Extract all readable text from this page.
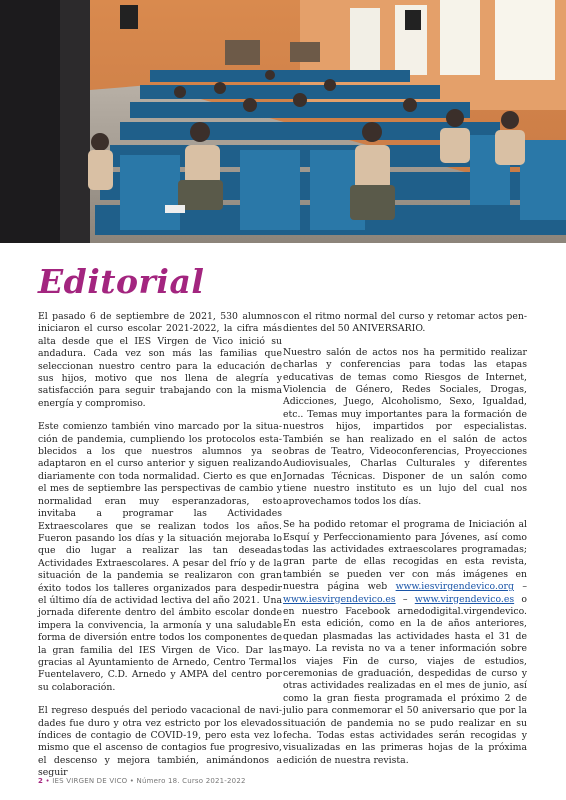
Editorial

El pasado 6 de septiembre de 2021, 530 alumnos iniciaron el curso escolar 2021-2022, la cifra más alta desde que el IES Virgen de Vico inició su andadura. Cada vez son más las familias que seleccionan nuestro centro para la educación de sus hijos, motivo que nos llena de alegría y satisfacción para seguir trabajando con la misma energía y compromiso.

Este comienzo también vino marcado por la situación de pandemia, cumpliendo los protocolos establecidos a los que nuestros alumnos ya se adaptaron en el curso anterior y siguen realizando diariamente con toda normalidad. Cierto es que en el mes de septiembre las perspectivas de cambio y normalidad eran muy esperanzadoras, esto invitaba a programar las Actividades Extraescolares que se realizan todos los años. Fueron pasando los días y la situación mejoraba lo que dio lugar a realizar las tan deseadas Actividades Extraescolares. A pesar del frío y de la situación de la pandemia se realizaron con gran éxito todos los talleres organizados para despedir el último día de actividad lectiva del año 2021. Una jornada diferente dentro del ámbito escolar donde impera la convivencia, la armonía y una saludable forma de diversión entre todos los componentes de la gran familia del IES Virgen de Vico. Dar las gracias al Ayuntamiento de Arnedo, Centro Termal Fuentelavero, C.D. Arnedo y AMPA del centro por su colaboración.

El regreso después del periodo vacacional de navidades fue duro y otra vez estricto por los elevados índices de contagio de COVID-19, pero esta vez lo mismo que el ascenso de contagios fue progresivo, el descenso y mejora también, animándonos a seguir

con el ritmo normal del curso y retomar actos pendientes del 50 ANIVERSARIO.

Nuestro salón de actos nos ha permitido realizar charlas y conferencias para todas las etapas educativas de temas como Riesgos de Internet, Violencia de Género, Redes Sociales, Drogas, Adicciones, Juego, Alcoholismo, Sexo, Igualdad, etc.. Temas muy importantes para la formación de nuestros hijos, impartidos por especialistas. También se han realizado en el salón de actos obras de Teatro, Videoconferencias, Proyecciones Audiovisuales, Charlas Culturales y diferentes Jornadas Técnicas. Disponer de un salón como tiene nuestro instituto es un lujo del cual nos aprovechamos todos los días.

Se ha podido retomar el programa de Iniciación al Esquí y Perfeccionamiento para Jóvenes, así como todas las actividades extraescolares programadas; gran parte de ellas recogidas en esta revista, también se pueden ver con más imágenes en nuestra página web www.iesvirgendevico.org – www.iesvirgendevico.es – www.virgendevico.es o en nuestro Facebook arnedodigital.virgendevico. En esta edición, como en la de años anteriores, quedan plasmadas las actividades hasta el 31 de mayo. La revista no va a tener información sobre los viajes Fin de curso, viajes de estudios, ceremonias de graduación, despedidas de curso y otras actividades realizadas en el mes de junio, así como la gran fiesta programada el próximo 2 de julio para conmemorar el 50 aniversario que por la situación de pandemia no se pudo realizar en su fecha. Todas estas actividades serán recogidas y visualizadas en las primeras hojas de la próxima edición de nuestra revista.

2 • IES VIRGEN DE VICO • Número 18. Curso 2021-2022
